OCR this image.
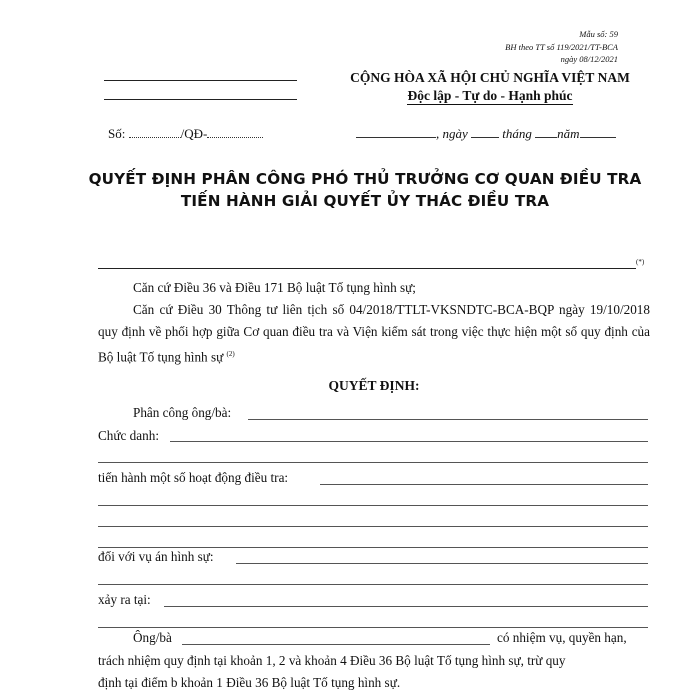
Mẫu số: 59
BH theo TT số 119/2021/TT-BCA
ngày 08/12/2021
CỘNG HÒA XÃ HỘI CHỦ NGHĨA VIỆT NAM
Độc lập - Tự do - Hạnh phúc
Số:	/QĐ-	, ngày	tháng năm
QUYẾT ĐỊNH PHÂN CÔNG PHÓ THỦ TRƯỞNG CƠ QUAN ĐIỀU TRA
TIẾN HÀNH GIẢI QUYẾT ỦY THÁC ĐIỀU TRA
(*)
Căn cứ Điều 36 và Điều 171 Bộ luật Tố tụng hình sự;
Căn cứ Điều 30 Thông tư liên tịch số 04/2018/TTLT-VKSNDTC-BCA-BQP ngày 19/10/2018 quy định về phối hợp giữa Cơ quan điều tra và Viện kiểm sát trong việc thực hiện một số quy định của Bộ luật Tố tụng hình sự $^{(2)}$
QUYẾT ĐỊNH:
Phân công ông/bà:
Chức danh:
tiến hành một số hoạt động điều tra:
đối với vụ án hình sự:
xảy ra tại:
Ông/bà	có nhiệm vụ, quyền hạn,
trách nhiệm quy định tại khoản 1, 2 và khoản 4 Điều 36 Bộ luật Tố tụng hình sự, trừ quy
định tại điểm b khoản 1 Điều 36 Bộ luật Tố tụng hình sự.
